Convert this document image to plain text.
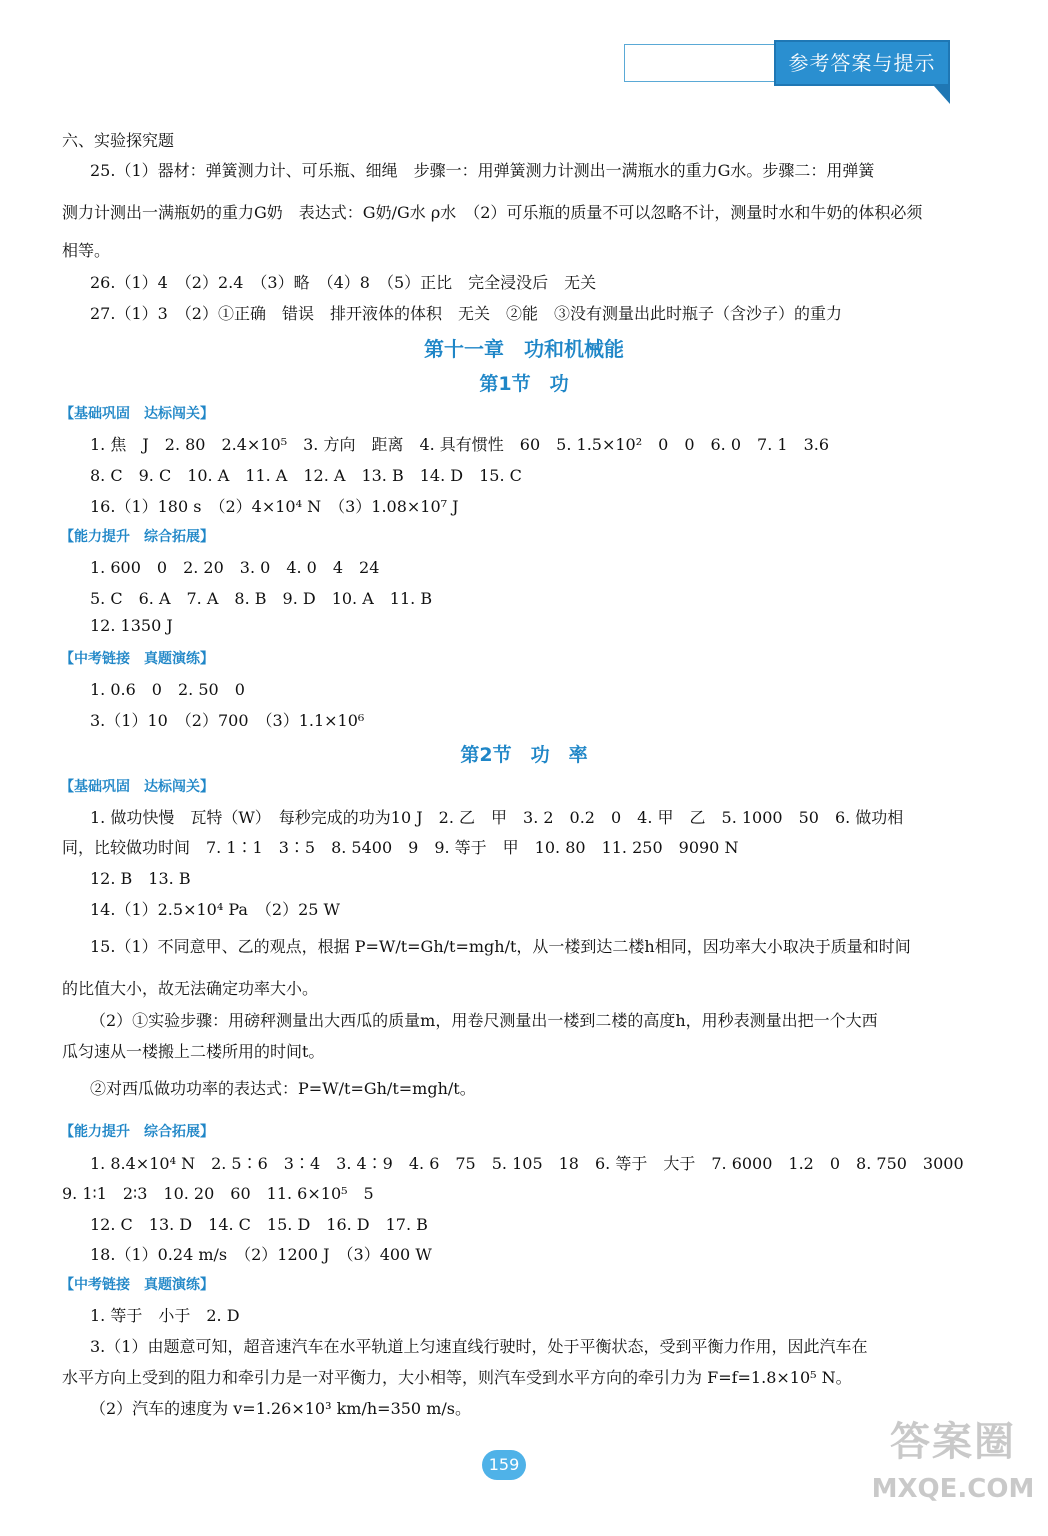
参考答案与提示
六、实验探究题
25.（1）器材：弹簧测力计、可乐瓶、细绳　步骤一：用弹簧测力计测出一满瓶水的重力G水。步骤二：用弹簧
测力计测出一满瓶奶的重力G奶　表达式：G奶/G水 ρ水　（2）可乐瓶的质量不可以忽略不计，测量时水和牛奶的体积必须
相等。
26.（1）4　（2）2.4　（3）略　（4）8　（5）正比　完全浸没后　无关
27.（1）3　（2）①正确　错误　排开液体的体积　无关　②能　③没有测量出此时瓶子（含沙子）的重力
第十一章　功和机械能
第1节　功
【基础巩固　达标闯关】
1. 焦　J　2. 80　2.4×10⁵　3. 方向　距离　4. 具有惯性　60　5. 1.5×10²　0　0　6. 0　7. 1　3.6
8. C　9. C　10. A　11. A　12. A　13. B　14. D　15. C
16.（1）180 s　（2）4×10⁴ N　（3）1.08×10⁷ J
【能力提升　综合拓展】
1. 600　0　2. 20　3. 0　4. 0　4　24
5. C　6. A　7. A　8. B　9. D　10. A　11. B
12. 1350 J
【中考链接　真题演练】
1. 0.6　0　2. 50　0
3.（1）10　（2）700　（3）1.1×10⁶
第2节　功　率
【基础巩固　达标闯关】
1. 做功快慢　瓦特（W）　每秒完成的功为10 J　2. 乙　甲　3. 2　0.2　0　4. 甲　乙　5. 1000　50　6. 做功相
同，比较做功时间　7. 1∶1　3∶5　8. 5400　9　9. 等于　甲　10. 80　11. 250　9090 N
12. B　13. B
14.（1）2.5×10⁴ Pa　（2）25 W
15.（1）不同意甲、乙的观点，根据 P=W/t=Gh/t=mgh/t，从一楼到达二楼h相同，因功率大小取决于质量和时间
的比值大小，故无法确定功率大小。
（2）①实验步骤：用磅秤测量出大西瓜的质量m，用卷尺测量出一楼到二楼的高度h，用秒表测量出把一个大西
瓜匀速从一楼搬上二楼所用的时间t。
②对西瓜做功功率的表达式：P=W/t=Gh/t=mgh/t。
【能力提升　综合拓展】
1. 8.4×10⁴ N　2. 5∶6　3∶4　3. 4∶9　4. 6　75　5. 105　18　6. 等于　大于　7. 6000　1.2　0　8. 750　3000
9. 1∶1　2∶3　10. 20　60　11. 6×10⁵　5
12. C　13. D　14. C　15. D　16. D　17. B
18.（1）0.24 m/s　（2）1200 J　（3）400 W
【中考链接　真题演练】
1. 等于　小于　2. D
3.（1）由题意可知，超音速汽车在水平轨道上匀速直线行驶时，处于平衡状态，受到平衡力作用，因此汽车在
水平方向上受到的阻力和牵引力是一对平衡力，大小相等，则汽车受到水平方向的牵引力为 F=f=1.8×10⁵ N。
（2）汽车的速度为 v=1.26×10³ km/h=350 m/s。
159	答案圈
MXQE.COM
